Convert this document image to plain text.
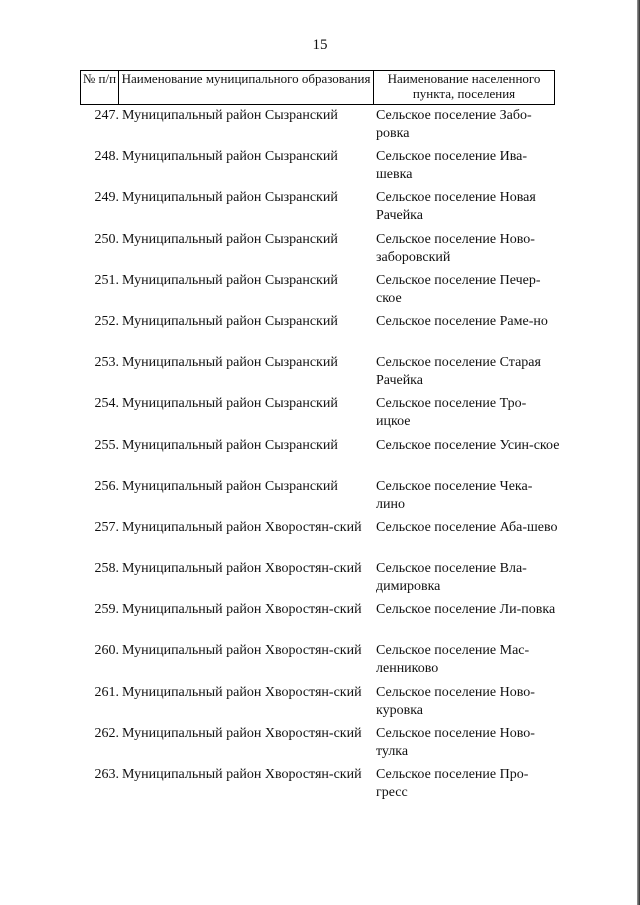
15
№ п/п	Наименование муниципального образования	Наименование населенного пункта, поселения
247. Муниципальный район Сызранский	Сельское поселение Забо-ровка
248. Муниципальный район Сызранский	Сельское поселение Ива-шевка
249. Муниципальный район Сызранский	Сельское поселение Новая Рачейка
250. Муниципальный район Сызранский	Сельское поселение Ново-заборовский
251. Муниципальный район Сызранский	Сельское поселение Печер-ское
252. Муниципальный район Сызранский	Сельское поселение Раме-но
253. Муниципальный район Сызранский	Сельское поселение Старая Рачейка
254. Муниципальный район Сызранский	Сельское поселение Тро-ицкое
255. Муниципальный район Сызранский	Сельское поселение Усин-ское
256. Муниципальный район Сызранский	Сельское поселение Чека-лино
257. Муниципальный район Хворостян-ский	Сельское поселение Аба-шево
258. Муниципальный район Хворостян-ский	Сельское поселение Вла-димировка
259. Муниципальный район Хворостян-ский	Сельское поселение Ли-повка
260. Муниципальный район Хворостян-ский	Сельское поселение Мас-ленниково
261. Муниципальный район Хворостян-ский	Сельское поселение Ново-куровка
262. Муниципальный район Хворостян-ский	Сельское поселение Ново-тулка
263. Муниципальный район Хворостян-ский	Сельское поселение Про-гресс
